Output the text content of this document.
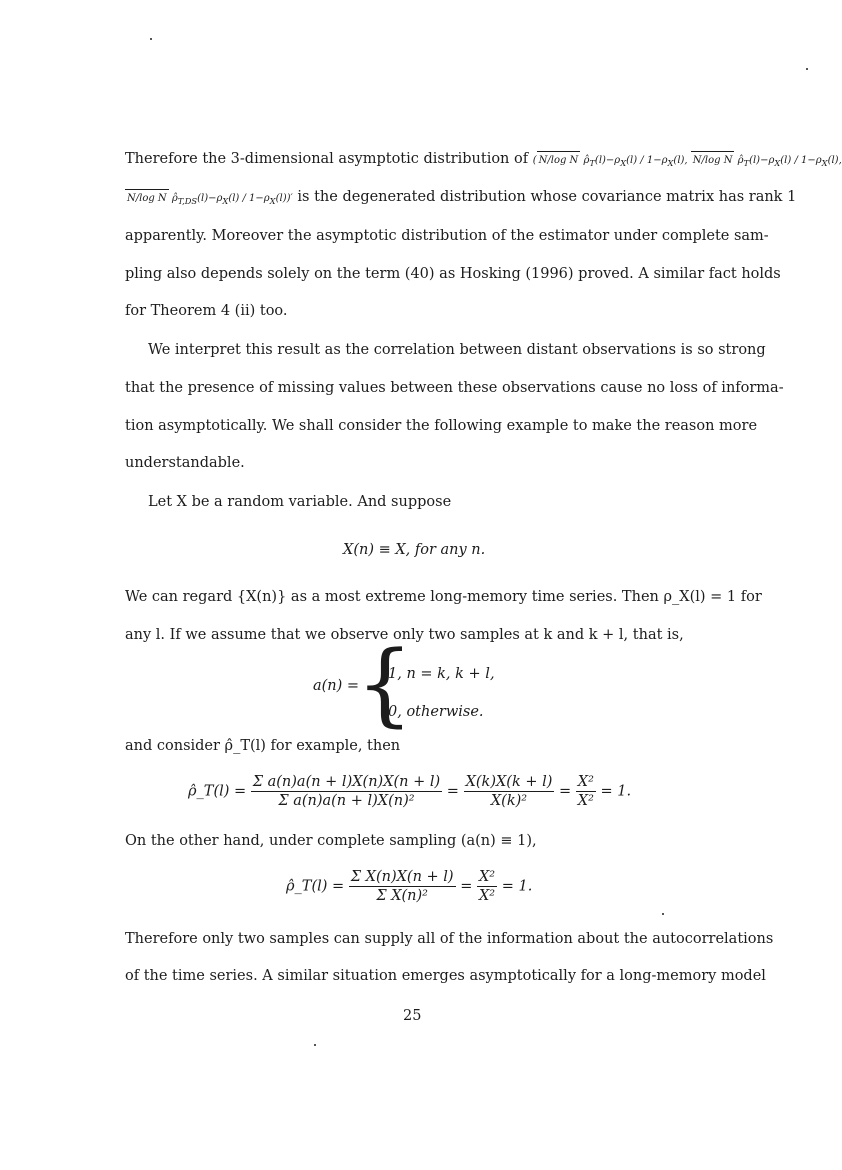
Therefore the 3-dimensional asymptotic distribution of ( N/log N $\rhô_T(l)-\rho_X(l) / 1-\rho_X(l)$, N/log N $\rhô_T(l)-\rho_X(l) / 1-\rho_X(l)$,
N/log N $\rhô_{T,DS}(l)-\rho_X(l) / 1-\rho_X(l))'$ is the degenerated distribution whose covariance matrix has rank 1
apparently. Moreover the asymptotic distribution of the estimator under complete sam-
pling also depends solely on the term (40) as Hosking (1996) proved. A similar fact holds
for Theorem 4 (ii) too.
We interpret this result as the correlation between distant observations is so strong
that the presence of missing values between these observations cause no loss of informa-
tion asymptotically. We shall consider the following example to make the reason more
understandable.
Let X be a random variable. And suppose
X(n) ≡ X, for any n.
We can regard {X(n)} as a most extreme long-memory time series. Then ρ_X(l) = 1 for
any l. If we assume that we observe only two samples at k and k + l, that is,
a(n) =
{
1, n = k, k + l,
0, otherwise.
and consider ρ̂_T(l) for example, then
ρ̂_T(l) = $\frac{\text{Σ a(n)a(n + l)X(n)X(n + l)}}{\text{Σ a(n)a(n + l)X(n)²}} = \frac{X(k)X(k + l)}{\text{X(k)²}} = \frac{\text{X²}}{\text{X²}} = 1$.
On the other hand, under complete sampling (a(n) ≡ 1),
ρ̂_T(l) = $\frac{\text{Σ X(n)X(n + l)}}{\text{Σ X(n)²}} = \frac{\text{X²}}{\text{X²}} = 1$.
Therefore only two samples can supply all of the information about the autocorrelations
of the time series. A similar situation emerges asymptotically for a long-memory model
25
